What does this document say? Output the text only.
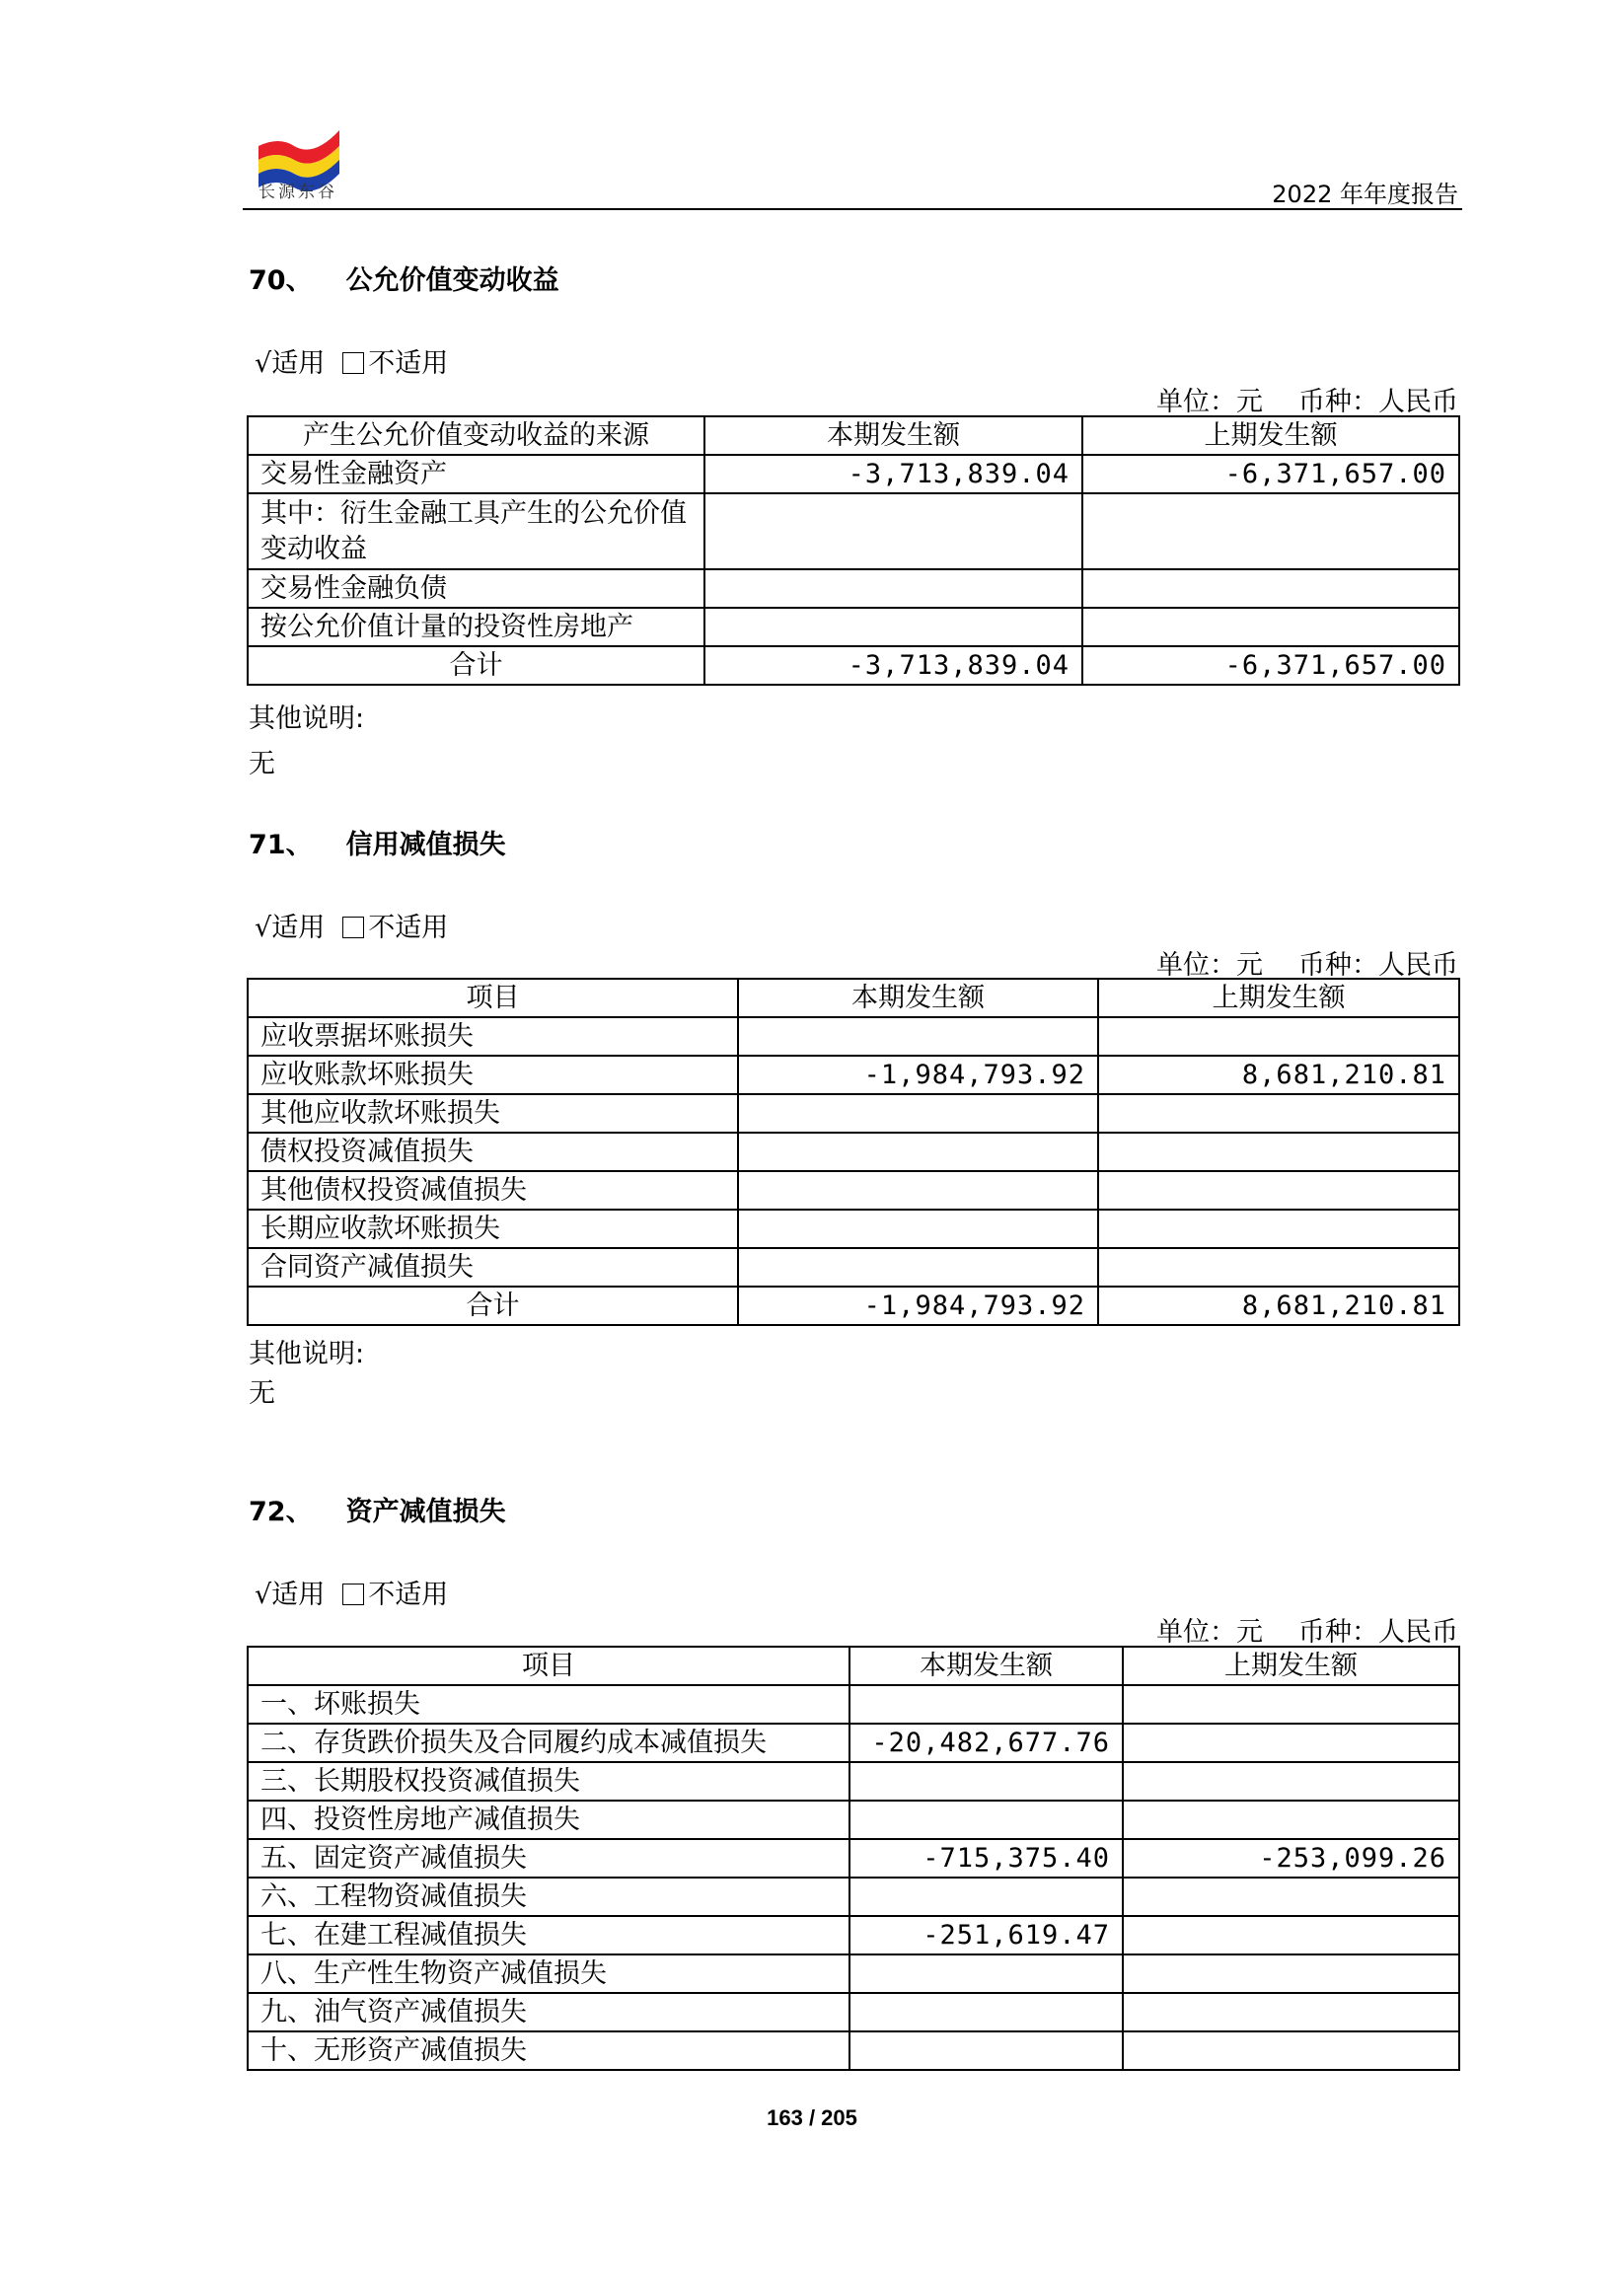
长源东谷	2022 年年度报告
70、 公允价值变动收益
√适用 不适用
单位：元 币种：人民币
产生公允价值变动收益的来源	本期发生额	上期发生额
交易性金融资产	-3,713,839.04	-6,371,657.00
其中：衍生金融工具产生的公允价值变动收益		
交易性金融负债		
按公允价值计量的投资性房地产		
合计	-3,713,839.04	-6,371,657.00
其他说明:
无
71、 信用减值损失
√适用 不适用
单位：元 币种：人民币
项目	本期发生额	上期发生额
应收票据坏账损失		
应收账款坏账损失	-1,984,793.92	8,681,210.81
其他应收款坏账损失		
债权投资减值损失		
其他债权投资减值损失		
长期应收款坏账损失		
合同资产减值损失		
合计	-1,984,793.92	8,681,210.81
其他说明:
无
72、 资产减值损失
√适用 不适用
单位：元 币种：人民币
项目	本期发生额	上期发生额
一、坏账损失		
二、存货跌价损失及合同履约成本减值损失	-20,482,677.76	
三、长期股权投资减值损失		
四、投资性房地产减值损失		
五、固定资产减值损失	-715,375.40	-253,099.26
六、工程物资减值损失		
七、在建工程减值损失	-251,619.47	
八、生产性生物资产减值损失		
九、油气资产减值损失		
十、无形资产减值损失		
163 / 205
